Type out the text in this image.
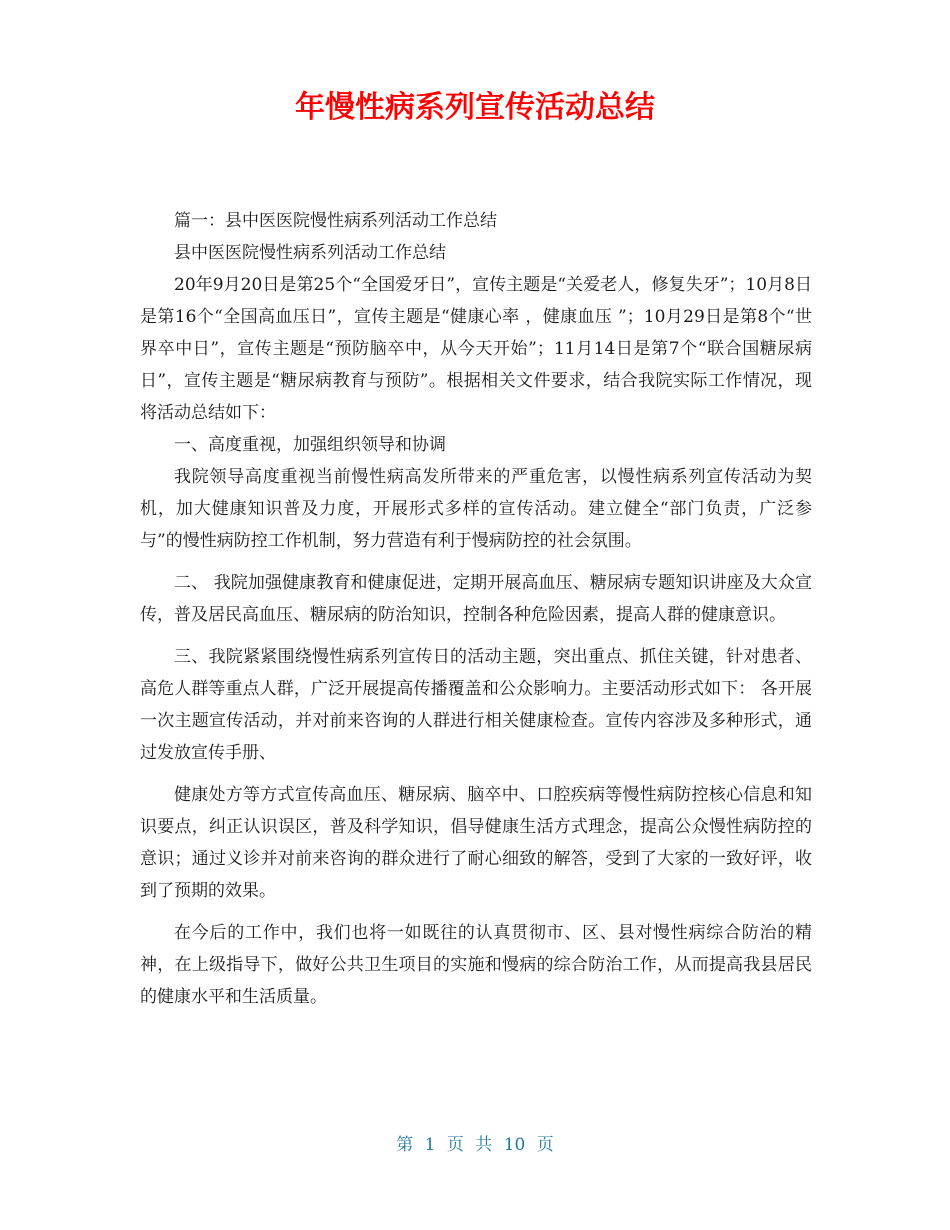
年慢性病系列宣传活动总结

篇一：县中医医院慢性病系列活动工作总结

县中医医院慢性病系列活动工作总结

20年9月20日是第25个“全国爱牙日”，宣传主题是“关爱老人，修复失牙”；10月8日是第16个“全国高血压日”，宣传主题是“健康心率 ，健康血压 ”；10月29日是第8个“世界卒中日”，宣传主题是“预防脑卒中，从今天开始”；11月14日是第7个“联合国糖尿病日”，宣传主题是“糖尿病教育与预防”。根据相关文件要求，结合我院实际工作情况，现将活动总结如下：

一、高度重视，加强组织领导和协调

我院领导高度重视当前慢性病高发所带来的严重危害，以慢性病系列宣传活动为契机，加大健康知识普及力度，开展形式多样的宣传活动。建立健全“部门负责，广泛参与”的慢性病防控工作机制，努力营造有利于慢病防控的社会氛围。

二、 我院加强健康教育和健康促进，定期开展高血压、糖尿病专题知识讲座及大众宣传，普及居民高血压、糖尿病的防治知识，控制各种危险因素，提高人群的健康意识。

三、我院紧紧围绕慢性病系列宣传日的活动主题，突出重点、抓住关键，针对患者、高危人群等重点人群，广泛开展提高传播覆盖和公众影响力。主要活动形式如下： 各开展一次主题宣传活动，并对前来咨询的人群进行相关健康检查。宣传内容涉及多种形式，通过发放宣传手册、

健康处方等方式宣传高血压、糖尿病、脑卒中、口腔疾病等慢性病防控核心信息和知识要点，纠正认识误区，普及科学知识，倡导健康生活方式理念，提高公众慢性病防控的意识；通过义诊并对前来咨询的群众进行了耐心细致的解答，受到了大家的一致好评，收到了预期的效果。

在今后的工作中，我们也将一如既往的认真贯彻市、区、县对慢性病综合防治的精神，在上级指导下，做好公共卫生项目的实施和慢病的综合防治工作，从而提高我县居民的健康水平和生活质量。

第 1 页 共 10 页
